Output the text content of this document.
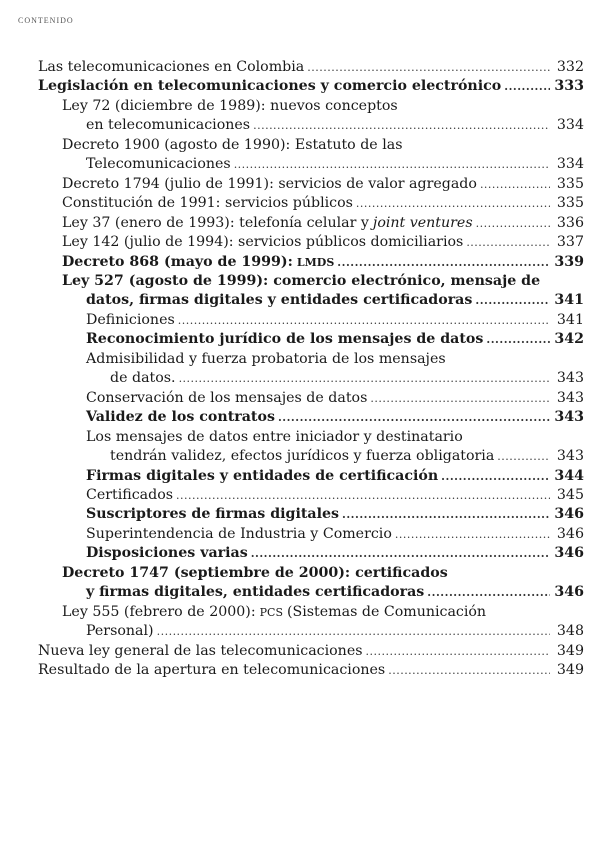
CONTENIDO
Las telecomunicaciones en Colombia .....	332
Legislación en telecomunicaciones y comercio electrónico .....	333
Ley 72 (diciembre de 1989): nuevos conceptos
en telecomunicaciones .....	334
Decreto 1900 (agosto de 1990): Estatuto de las
Telecomunicaciones .....	334
Decreto 1794 (julio de 1991): servicios de valor agregado .....	335
Constitución de 1991: servicios públicos .....	335
Ley 37 (enero de 1993): telefonía celular y joint ventures .....	336
Ley 142 (julio de 1994): servicios públicos domiciliarios .....	337
Decreto 868 (mayo de 1999): LMDS .....	339
Ley 527 (agosto de 1999): comercio electrónico, mensaje de
datos, firmas digitales y entidades certificadoras .....	341
Definiciones .....	341
Reconocimiento jurídico de los mensajes de datos .....	342
Admisibilidad y fuerza probatoria de los mensajes
de datos. .....	343
Conservación de los mensajes de datos .....	343
Validez de los contratos .....	343
Los mensajes de datos entre iniciador y destinatario
tendrán validez, efectos jurídicos y fuerza obligatoria .....	343
Firmas digitales y entidades de certificación .....	344
Certificados .....	345
Suscriptores de firmas digitales .....	346
Superintendencia de Industria y Comercio .....	346
Disposiciones varias .....	346
Decreto 1747 (septiembre de 2000): certificados
y firmas digitales, entidades certificadoras .....	346
Ley 555 (febrero de 2000): PCS (Sistemas de Comunicación
Personal) .....	348
Nueva ley general de las telecomunicaciones .....	349
Resultado de la apertura en telecomunicaciones .....	349
